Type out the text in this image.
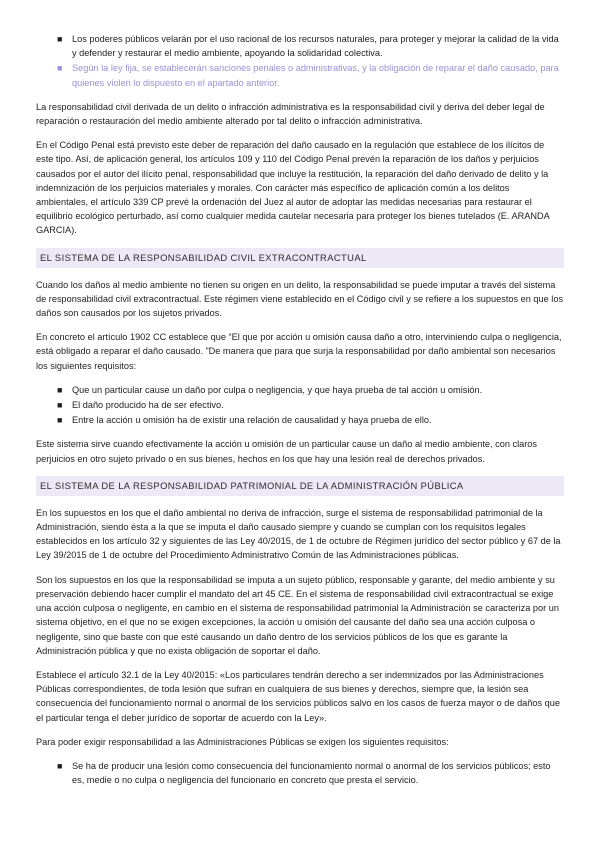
■ Los poderes públicos velarán por el uso racional de los recursos naturales, para proteger y mejorar la calidad de la vida y defender y restaurar el medio ambiente, apoyando la solidaridad colectiva.
■ Según la ley fija, se establecerán sanciones penales o administrativas, y la obligación de reparar el daño causado, para quienes violen lo dispuesto en el apartado anterior.

La responsabilidad civil derivada de un delito o infracción administrativa es la responsabilidad civil y deriva del deber legal de reparación o restauración del medio ambiente alterado por tal delito o infracción administrativa.

En el Código Penal está previsto este deber de reparación del daño causado en la regulación que establece de los ilícitos de este tipo. Así, de aplicación general, los artículos 109 y 110 del Código Penal prevén la reparación de los daños y perjuicios causados por el autor del ilícito penal, responsabilidad que incluye la restitución, la reparación del daño derivado de delito y la indemnización de los perjuicios materiales y morales. Con carácter más específico de aplicación común a los delitos ambientales, el artículo 339 CP prevé la ordenación del Juez al autor de adoptar las medidas necesarias para restaurar el equilibrio ecológico perturbado, así como cualquier medida cautelar necesaria para proteger los bienes tutelados (E. ARANDA GARCIA).

EL SISTEMA DE LA RESPONSABILIDAD CIVIL EXTRACONTRACTUAL

Cuando los daños al medio ambiente no tienen su origen en un delito, la responsabilidad se puede imputar a través del sistema de responsabilidad civil extracontractual. Este régimen viene establecido en el Código civil y se refiere a los supuestos en que los daños son causados por los sujetos privados.

En concreto el artículo 1902 CC establece que “El que por acción u omisión causa daño a otro, interviniendo culpa o negligencia, está obligado a reparar el daño causado. ”De manera que para que surja la responsabilidad por daño ambiental son necesarios los siguientes requisitos:

■ Que un particular cause un daño por culpa o negligencia, y que haya prueba de tal acción u omisión.
■ El daño producido ha de ser efectivo.
■ Entre la acción u omisión ha de existir una relación de causalidad y haya prueba de ello.

Este sistema sirve cuando efectivamente la acción u omisión de un particular cause un daño al medio ambiente, con claros perjuicios en otro sujeto privado o en sus bienes, hechos en los que hay una lesión real de derechos privados.

EL SISTEMA DE LA RESPONSABILIDAD PATRIMONIAL DE LA ADMINISTRACIÓN PÚBLICA

En los supuestos en los que el daño ambiental no deriva de infracción, surge el sistema de responsabilidad patrimonial de la Administración, siendo ésta a la que se imputa el daño causado siempre y cuando se cumplan con los requisitos legales establecidos en los artículo 32 y siguientes de las Ley 40/2015, de 1 de octubre de Régimen jurídico del sector público y 67 de la Ley 39/2015 de 1 de octubre del Procedimiento Administrativo Común de las Administraciones públicas.

Son los supuestos en los que la responsabilidad se imputa a un sujeto público, responsable y garante, del medio ambiente y su preservación debiendo hacer cumplir el mandato del art 45 CE. En el sistema de responsabilidad civil extracontractual se exige una acción culposa o negligente, en cambio en el sistema de responsabilidad patrimonial la Administración se caracteriza por un sistema objetivo, en el que no se exigen excepciones, la acción u omisión del causante del daño sea una acción culposa o negligente, sino que baste con que esté causando un daño dentro de los servicios públicos de los que es garante la Administración pública y que no exista obligación de soportar el daño.

Establece el artículo 32.1 de la Ley 40/2015: «Los particulares tendrán derecho a ser indemnizados por las Administraciones Públicas correspondientes, de toda lesión que sufran en cualquiera de sus bienes y derechos, siempre que, la lesión sea consecuencia del funcionamiento normal o anormal de los servicios públicos salvo en los casos de fuerza mayor o de daños que el particular tenga el deber jurídico de soportar de acuerdo con la Ley».

Para poder exigir responsabilidad a las Administraciones Públicas se exigen los siguientes requisitos:

■ Se ha de producir una lesión como consecuencia del funcionamiento normal o anormal de los servicios públicos; esto es, medie o no culpa o negligencia del funcionario en concreto que presta el servicio.
